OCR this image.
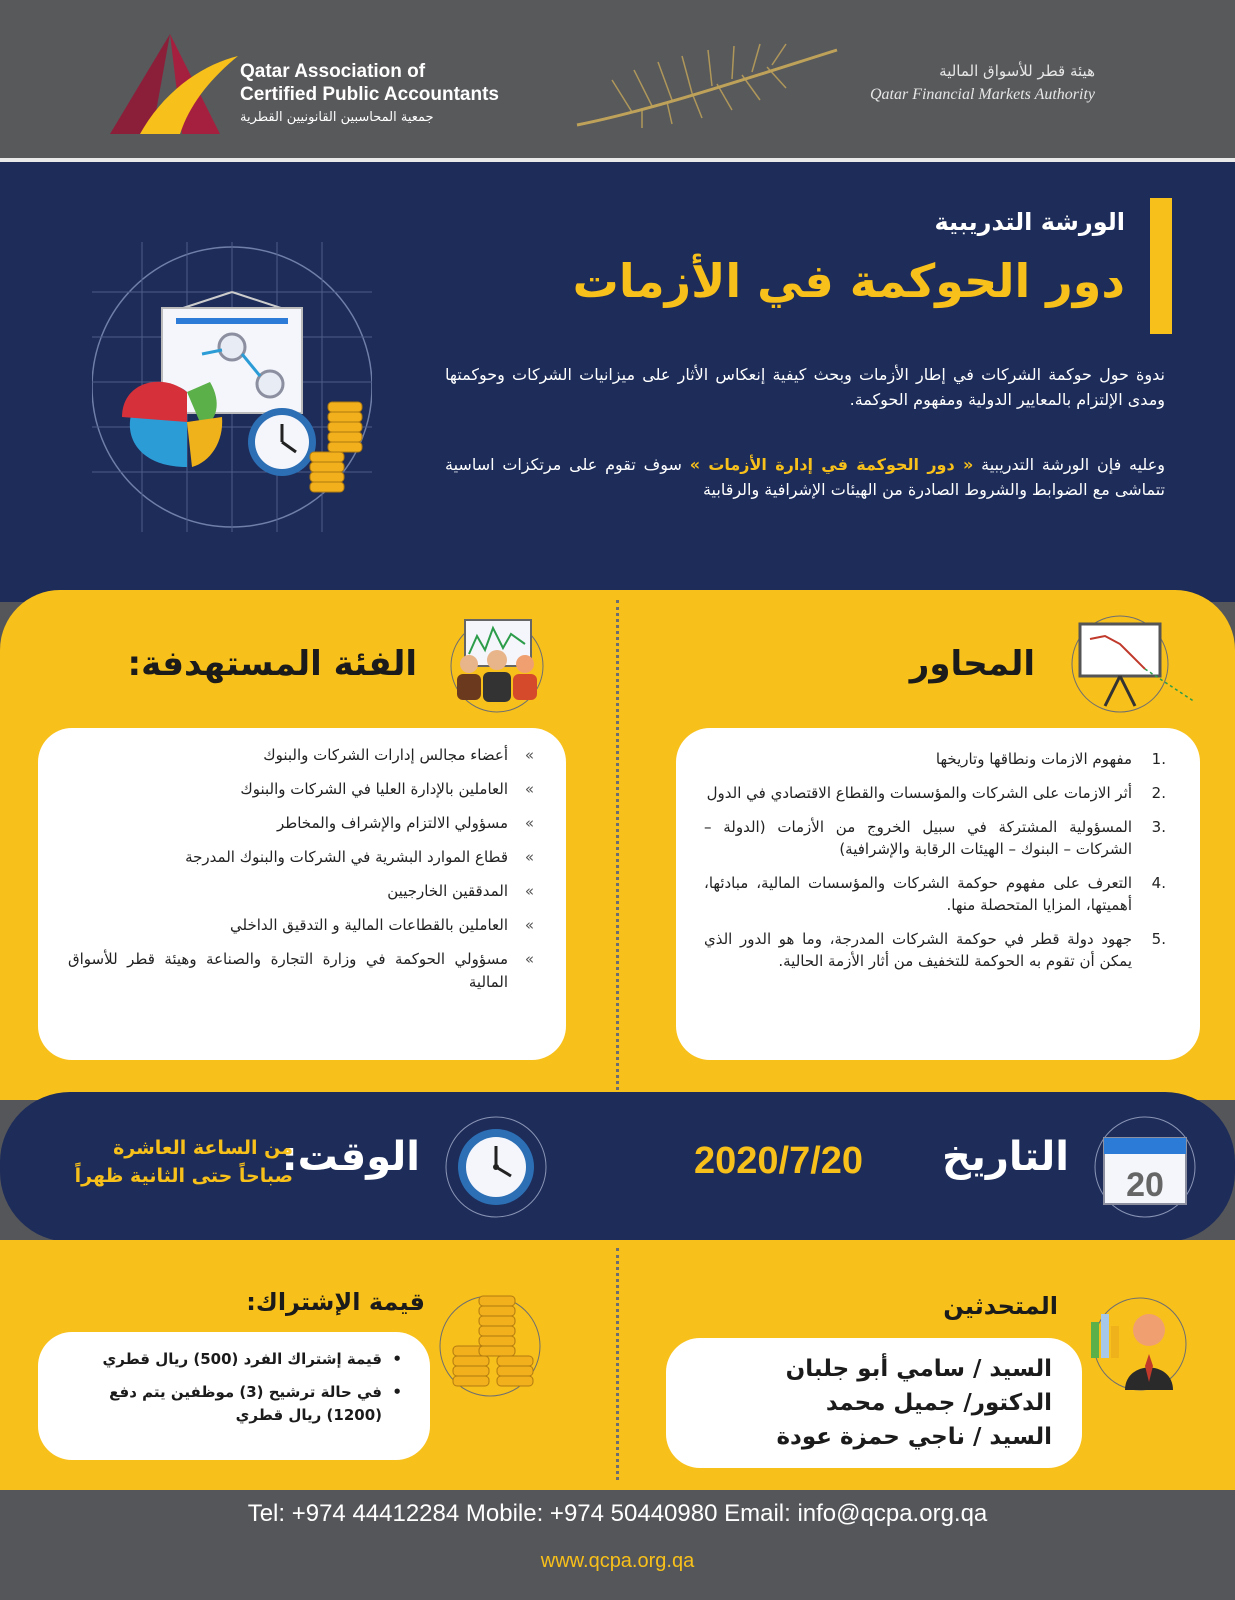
Qatar Association of
Certified Public Accountants
جمعية المحاسبين القانونيين القطرية
هيئة قطر للأسواق المالية
Qatar Financial Markets Authority
الورشة التدريبية
دور الحوكمة في الأزمات

ندوة حول حوكمة الشركات في إطار الأزمات وبحث كيفية إنعكاس الأثار على ميزانيات الشركات وحوكمتها ومدى الإلتزام بالمعايير الدولية ومفهوم الحوكمة.

وعليه فإن الورشة التدريبية « دور الحوكمة في إدارة الأزمات » سوف تقوم على مرتكزات اساسية تتماشى مع الضوابط والشروط الصادرة من الهيئات الإشرافية والرقابية

المحاور
الفئة المستهدفة:
.1
مفهوم الازمات ونطاقها وتاريخها
.2
أثر الازمات على الشركات والمؤسسات والقطاع الاقتصادي في الدول
.3
المسؤولية المشتركة في سبيل الخروج من الأزمات (الدولة – الشركات – البنوك – الهيئات الرقابة والإشرافية)
.4
التعرف على مفهوم حوكمة الشركات والمؤسسات المالية، مبادئها، أهميتها، المزايا المتحصلة منها.
.5
جهود دولة قطر في حوكمة الشركات المدرجة، وما هو الدور الذي يمكن أن تقوم به الحوكمة للتخفيف من أثار الأزمة الحالية.
» أعضاء مجالس إدارات الشركات والبنوك
» العاملين بالإدارة العليا في الشركات والبنوك
» مسؤولي الالتزام والإشراف والمخاطر
» قطاع الموارد البشرية في الشركات والبنوك المدرجة
» المدققين الخارجيين
» العاملين بالقطاعات المالية و التدقيق الداخلي
» مسؤولي الحوكمة في وزارة التجارة والصناعة وهيئة قطر للأسواق المالية
20
التاريخ
2020/7/20
الوقت:
من الساعة العاشرة
صباحاً حتى الثانية ظهراً
المتحدثين
السيد / سامي أبو جلبان
الدكتور/ جميل محمد
السيد / ناجي حمزة عودة
قيمة الإشتراك:
• قيمة إشتراك الفرد (500) ريال قطري
• في حالة ترشيح (3) موظفين يتم دفع (1200) ريال قطري
Tel: +974 44412284 Mobile: +974 50440980 Email: info@qcpa.org.qa
www.qcpa.org.qa
